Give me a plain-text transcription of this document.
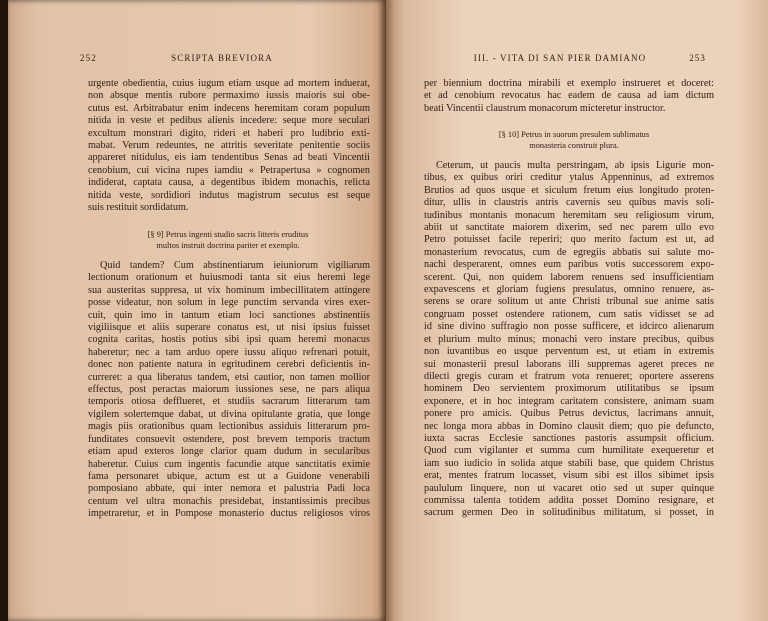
252	SCRIPTA BREVIORA
urgente obedientia, cuius iugum etiam usque ad mortem induerat,
non absque mentis rubore permaximo iussis maioris sui obe-
cutus est. Arbitrabatur enim indecens heremitam coram populum
nitida in veste et pedibus alienis incedere: seque more seculari
excultum monstrari digito, rideri et haberi pro ludibrio exti-
mabat. Verum redeuntes, ne attritis severitate penitentie sociis
appareret nitidulus, eis iam tendentibus Senas ad beati Vincentii
cenobium, cui vicina rupes iamdiu « Petrapertusa » cognomen
indiderat, captata causa, a degentibus ibidem monachis, relicta
nitida veste, sordidiori indutus magistrum secutus est seque
suis restituit sordidatum.
[§ 9] Petrus ingenti studio sacris litteris eruditus
multos instruit doctrina pariter et exemplo.
Quid tandem? Cum abstinentiarum ieiuniorum vigiliarum
lectionum orationum et huiusmodi tanta sit eius heremi lege
sua austeritas suppresa, ut vix hominum imbecillitatem attingere
posse videatur, non solum in lege punctim servanda vires exer-
cuit, quin imo in tantum etiam loci sanctiones abstinentiis
vigiliisque et aliis superare conatus est, ut nisi ipsius fuisset
cognita caritas, hostis potius sibi ipsi quam heremi monacus
haberetur; nec a tam arduo opere iussu aliquo refrenari potuit,
donec non patiente natura in egritudinem cerebri deficientis in-
curreret: a qua liberatus tandem, etsi cautior, non tamen mollior
effectus, post peractas maiorum iussiones sese, ne pars aliqua
temporis otiosa defflueret, et studiis sacrarum litterarum tam
vigilem solertemque dabat, ut divina opitulante gratia, que longe
magis piis orationibus quam lectionibus assiduis litterarum pro-
funditates consuevit ostendere, post brevem temporis tractum
etiam apud exteros longe clarior quam dudum in secularibus
haberetur. Cuius cum ingentis facundie atque sanctitatis eximie
fama personaret ubique, actum est ut a Guidone venerabili
pomposiano abbate, qui inter nemora et palustria Padi loca
centum vel ultra monachis presidebat, instantissimis precibus
impetraretur, et in Pompose monasterio ductus religiosos viros
III. - VITA DI SAN PIER DAMIANO	253
per biennium doctrina mirabili et exemplo instrueret et doceret:
et ad cenobium revocatus hac eadem de causa ad iam dictum
beati Vincentii claustrum monacorum micteretur instructor.
[§ 10] Petrus in suorum presulem sublimatus
monasteria construit plura.
Ceterum, ut paucis multa perstringam, ab ipsis Ligurie mon-
tibus, ex quibus oriri creditur ytalus Appenninus, ad extremos
Brutios ad quos usque et siculum fretum eius longitudo proten-
ditur, ullis in claustris antris cavernis seu quibus mavis soli-
tudinibus montanis monacum heremitam seu religiosum virum,
abiit ut sanctitate maiorem dixerim, sed nec parem ullo evo
Petro potuisset facile reperiri; quo merito factum est ut, ad
monasterium revocatus, cum de egregiis abbatis sui salute mo-
nachi desperarent, omnes eum paribus votis successorem expo-
scerent. Qui, non quidem laborem renuens sed insufficientiam
expavescens et gloriam fugiens presulatus, omnino renuere, as-
serens se orare solitum ut ante Christi tribunal sue anime satis
congruam posset ostendere rationem, cum satis vidisset se ad
id sine divino suffragio non posse sufficere, et idcirco alienarum
et plurium multo minus; monachi vero instare precibus, quibus
non iuvantibus eo usque perventum est, ut etiam in extremis
sui monasterii presul laborans illi suppremas ageret preces ne
dilecti gregis curam et fratrum vota renueret; oportere asserens
hominem Deo servientem proximorum utilitatibus se ipsum
exponere, et in hoc integram caritatem consistere, animam suam
ponere pro amicis. Quibus Petrus devictus, lacrimans annuit,
nec longa mora abbas in Domino clausit diem; quo pie defuncto,
iuxta sacras Ecclesie sanctiones pastoris assumpsit officium.
Quod cum vigilanter et summa cum humilitate exequeretur et
iam suo iudicio in solida atque stabili base, que quidem Christus
erat, mentes fratrum locasset, visum sibi est illos sibimet ipsis
paululum linquere, non ut vacaret otio sed ut super quinque
commissa talenta totidem addita posset Domino resignare, et
sacrum germen Deo in solitudinibus militatum, si posset, in
